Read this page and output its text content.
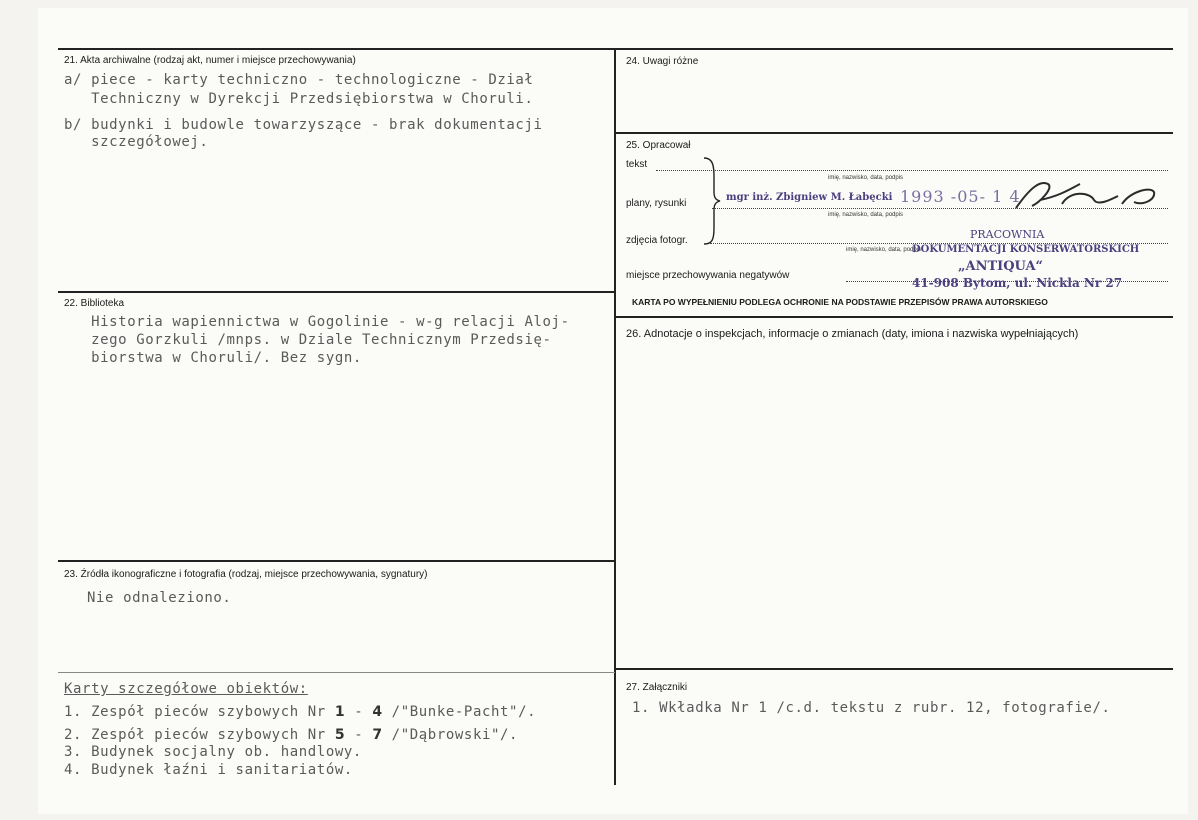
21. Akta archiwalne (rodzaj akt, numer i miejsce przechowywania)
a/ piece - karty techniczno - technologiczne - Dział
Techniczny w Dyrekcji Przedsiębiorstwa w Choruli.
b/ budynki i budowle towarzyszące - brak dokumentacji
szczegółowej.
22. Biblioteka
Historia wapiennictwa w Gogolinie - w-g relacji Aloj-
zego Gorzkuli /mnps. w Dziale Technicznym Przedsię-
biorstwa w Choruli/. Bez sygn.
23. Źródła ikonograficzne i fotografia (rodzaj, miejsce przechowywania, sygnatury)
Nie odnaleziono.
Karty szczegółowe obiektów:
1. Zespół pieców szybowych Nr 1 - 4 /"Bunke-Pacht"/.
2. Zespół pieców szybowych Nr 5 - 7 /"Dąbrowski"/.
3. Budynek socjalny ob. handlowy.
4. Budynek łaźni i sanitariatów.
24. Uwagi różne
25. Opracował
tekst
imię, nazwisko, data, podpis
plany, rysunki
imię, nazwisko, data, podpis
zdjęcia fotogr.
imię, nazwisko, data, podpis
miejsce przechowywania negatywów
KARTA PO WYPEŁNIENIU PODLEGA OCHRONIE NA PODSTAWIE PRZEPISÓW PRAWA AUTORSKIEGO
mgr inż. Zbigniew M. Łabęcki 1993 -05- 1 4
PRACOWNIA
DOKUMENTACJI KONSERWATORSKICH
„ANTIQUA“
41-908 Bytom, ul. Nickla Nr 27
26. Adnotacje o inspekcjach, informacje o zmianach (daty, imiona i nazwiska wypełniających)
27. Załączniki
1. Wkładka Nr 1 /c.d. tekstu z rubr. 12, fotografie/.
